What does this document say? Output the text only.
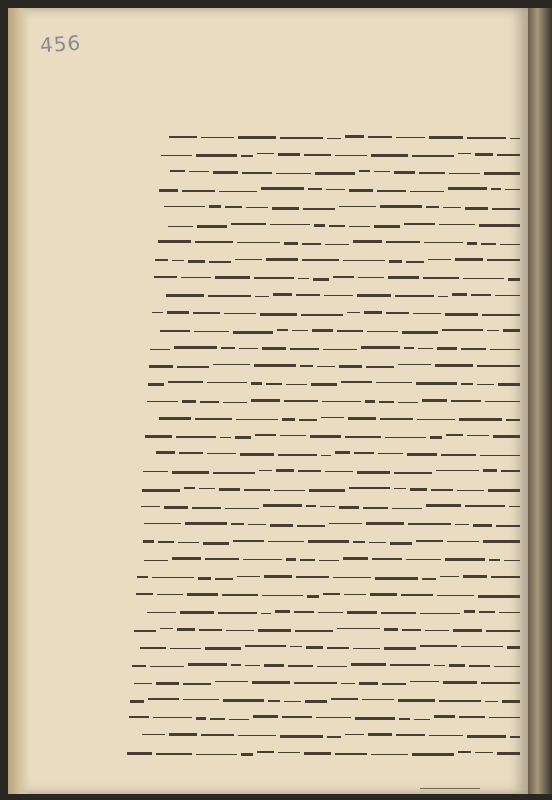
456
